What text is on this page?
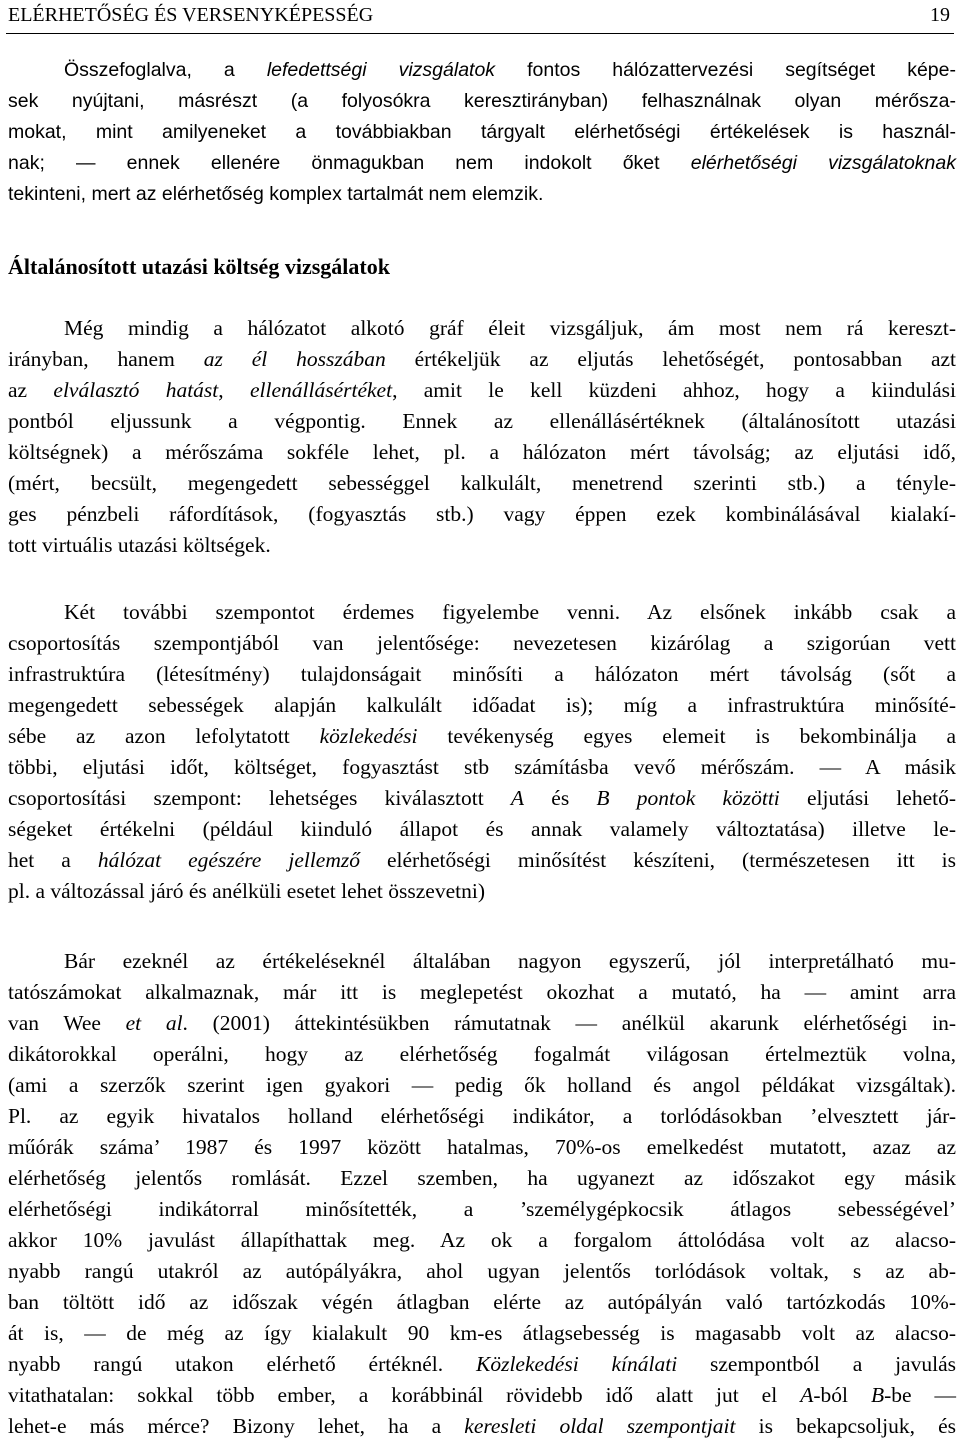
ELÉRHETŐSÉG ÉS VERSENYKÉPESSÉG	19
Összefoglalva, a lefedettségi vizsgálatok fontos hálózattervezési segítséget képe-
sek nyújtani, másrészt (a folyosókra keresztirányban) felhasználnak olyan mérősza-
mokat, mint amilyeneket a továbbiakban tárgyalt elérhetőségi értékelések is használ-
nak; — ennek ellenére önmagukban nem indokolt őket elérhetőségi vizsgálatoknak
tekinteni, mert az elérhetőség komplex tartalmát nem elemzik.
Általánosított utazási költség vizsgálatok
Még mindig a hálózatot alkotó gráf éleit vizsgáljuk, ám most nem rá kereszt-
irányban, hanem az él hosszában értékeljük az eljutás lehetőségét, pontosabban azt
az elválasztó hatást, ellenállásértéket, amit le kell küzdeni ahhoz, hogy a kiindulási
pontból eljussunk a végpontig. Ennek az ellenállásértéknek (általánosított utazási
költségnek) a mérőszáma sokféle lehet, pl. a hálózaton mért távolság; az eljutási idő,
(mért, becsült, megengedett sebességgel kalkulált, menetrend szerinti stb.) a tényle-
ges pénzbeli ráfordítások, (fogyasztás stb.) vagy éppen ezek kombinálásával kialakí-
tott virtuális utazási költségek.
Két további szempontot érdemes figyelembe venni. Az elsőnek inkább csak a
csoportosítás szempontjából van jelentősége: nevezetesen kizárólag a szigorúan vett
infrastruktúra (létesítmény) tulajdonságait minősíti a hálózaton mért távolság (sőt a
megengedett sebességek alapján kalkulált időadat is); míg a infrastruktúra minősíté-
sébe az azon lefolytatott közlekedési tevékenység egyes elemeit is bekombinálja a
többi, eljutási időt, költséget, fogyasztást stb számításba vevő mérőszám. — A másik
csoportosítási szempont: lehetséges kiválasztott A és B pontok közötti eljutási lehető-
ségeket értékelni (például kiinduló állapot és annak valamely változtatása) illetve le-
het a hálózat egészére jellemző elérhetőségi minősítést készíteni, (természetesen itt is
pl. a változással járó és anélküli esetet lehet összevetni)
Bár ezeknél az értékeléseknél általában nagyon egyszerű, jól interpretálható mu-
tatószámokat alkalmaznak, már itt is meglepetést okozhat a mutató, ha — amint arra
van Wee et al. (2001) áttekintésükben rámutatnak — anélkül akarunk elérhetőségi in-
dikátorokkal operálni, hogy az elérhetőség fogalmát világosan értelmeztük volna,
(ami a szerzők szerint igen gyakori — pedig ők holland és angol példákat vizsgáltak).
Pl. az egyik hivatalos holland elérhetőségi indikátor, a torlódásokban ’elvesztett jár-
műórák száma’ 1987 és 1997 között hatalmas, 70%-os emelkedést mutatott, azaz az
elérhetőség jelentős romlását. Ezzel szemben, ha ugyanezt az időszakot egy másik
elérhetőségi indikátorral minősítették, a ’személygépkocsik átlagos sebességével’
akkor 10% javulást állapíthattak meg. Az ok a forgalom áttolódása volt az alacso-
nyabb rangú utakról az autópályákra, ahol ugyan jelentős torlódások voltak, s az ab-
ban töltött idő az időszak végén átlagban elérte az autópályán való tartózkodás 10%-
át is, — de még az így kialakult 90 km-es átlagsebesség is magasabb volt az alacso-
nyabb rangú utakon elérhető értéknél. Közlekedési kínálati szempontból a javulás
vitathatalan: sokkal több ember, a korábbinál rövidebb idő alatt jut el A-ból B-be —
lehet-e más mérce? Bizony lehet, ha a keresleti oldal szempontjait is bekapcsoljuk, és
